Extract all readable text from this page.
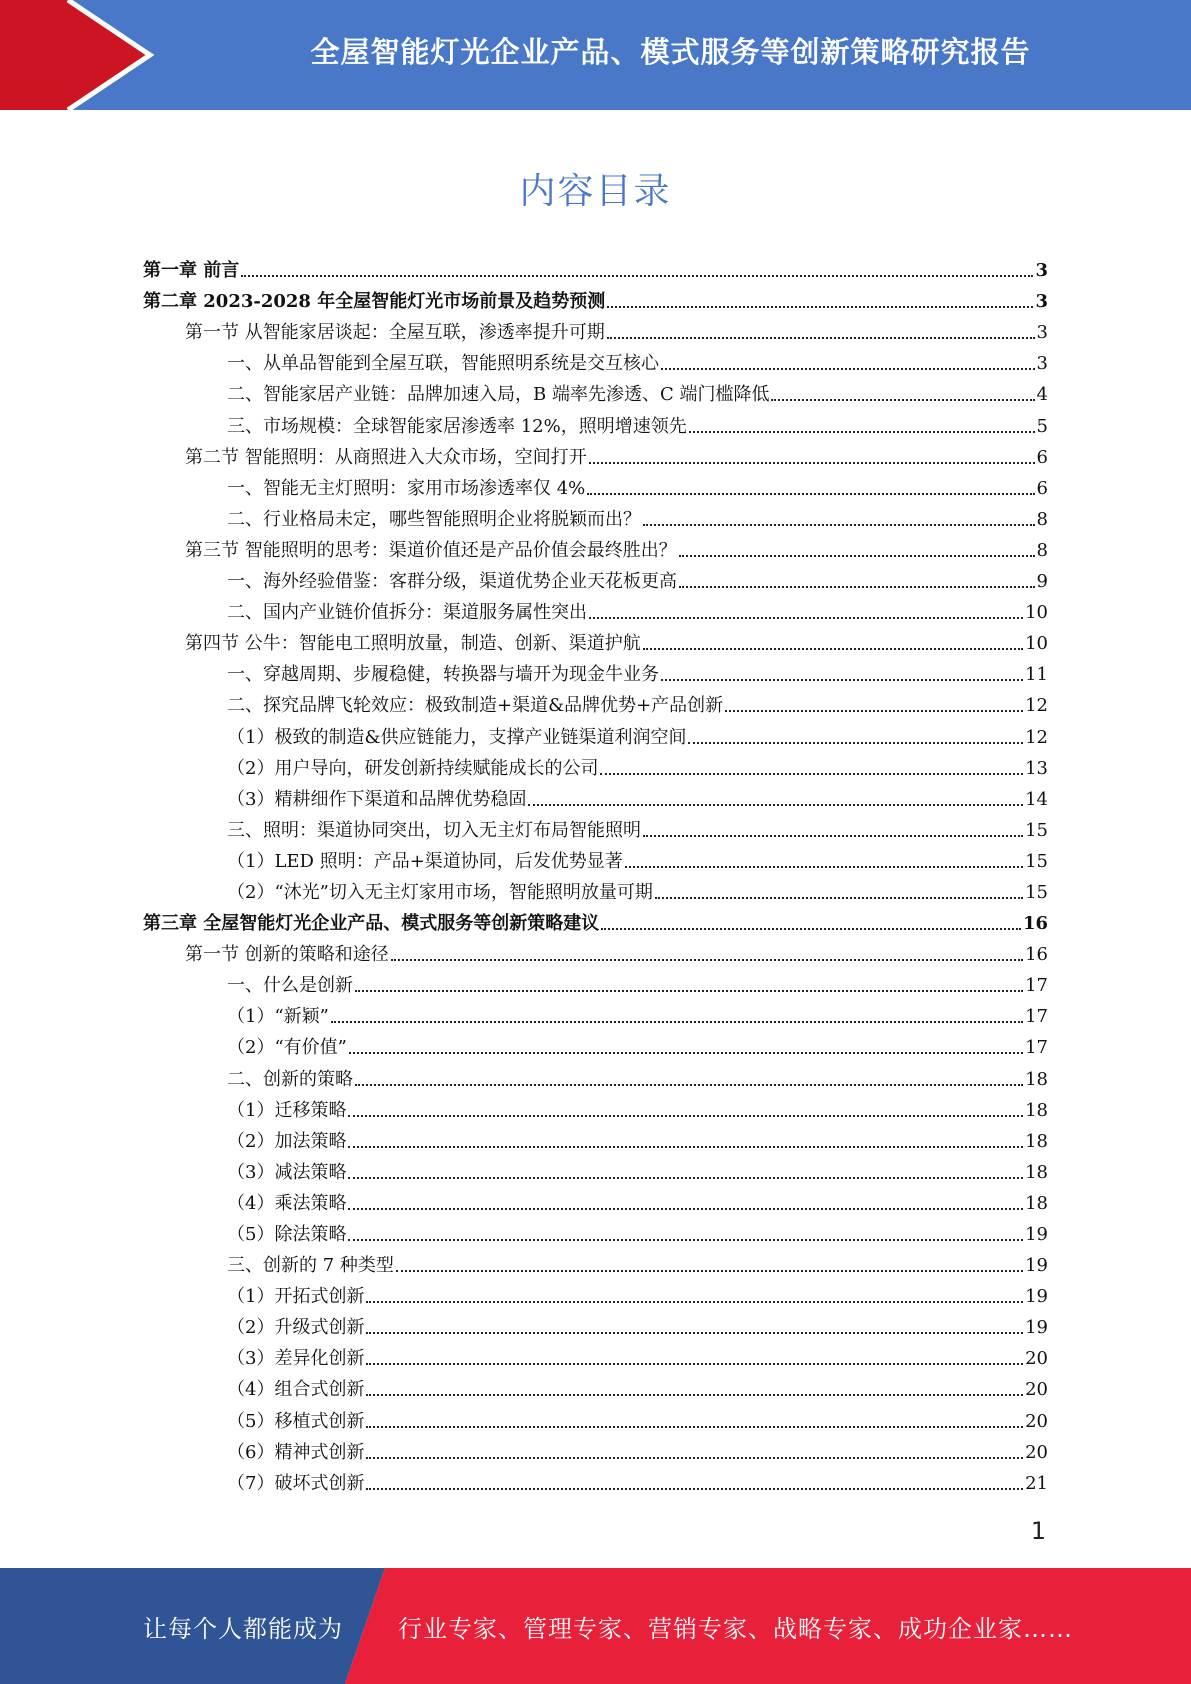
全屋智能灯光企业产品、模式服务等创新策略研究报告
内容目录
第一章 前言	3
第二章 2023-2028 年全屋智能灯光市场前景及趋势预测	3
第一节 从智能家居谈起：全屋互联，渗透率提升可期	3
一、从单品智能到全屋互联，智能照明系统是交互核心	3
二、智能家居产业链：品牌加速入局，B 端率先渗透、C 端门槛降低	4
三、市场规模：全球智能家居渗透率 12%，照明增速领先	5
第二节 智能照明：从商照进入大众市场，空间打开	6
一、智能无主灯照明：家用市场渗透率仅 4%	6
二、行业格局未定，哪些智能照明企业将脱颖而出？	8
第三节 智能照明的思考：渠道价值还是产品价值会最终胜出？	8
一、海外经验借鉴：客群分级，渠道优势企业天花板更高	9
二、国内产业链价值拆分：渠道服务属性突出	10
第四节 公牛：智能电工照明放量，制造、创新、渠道护航	10
一、穿越周期、步履稳健，转换器与墙开为现金牛业务	11
二、探究品牌飞轮效应：极致制造+渠道&品牌优势+产品创新	12
（1）极致的制造&供应链能力，支撑产业链渠道利润空间	12
（2）用户导向，研发创新持续赋能成长的公司	13
（3）精耕细作下渠道和品牌优势稳固	14
三、照明：渠道协同突出，切入无主灯布局智能照明	15
（1）LED 照明：产品+渠道协同，后发优势显著	15
（2）“沐光”切入无主灯家用市场，智能照明放量可期	15
第三章 全屋智能灯光企业产品、模式服务等创新策略建议	16
第一节 创新的策略和途径	16
一、什么是创新	17
（1）“新颖”	17
（2）“有价值”	17
二、创新的策略	18
（1）迁移策略	18
（2）加法策略	18
（3）减法策略	18
（4）乘法策略	18
（5）除法策略	19
三、创新的 7 种类型	19
（1）开拓式创新	19
（2）升级式创新	19
（3）差异化创新	20
（4）组合式创新	20
（5）移植式创新	20
（6）精神式创新	20
（7）破坏式创新	21
1
让每个人都能成为 行业专家、管理专家、营销专家、战略专家、成功企业家……
